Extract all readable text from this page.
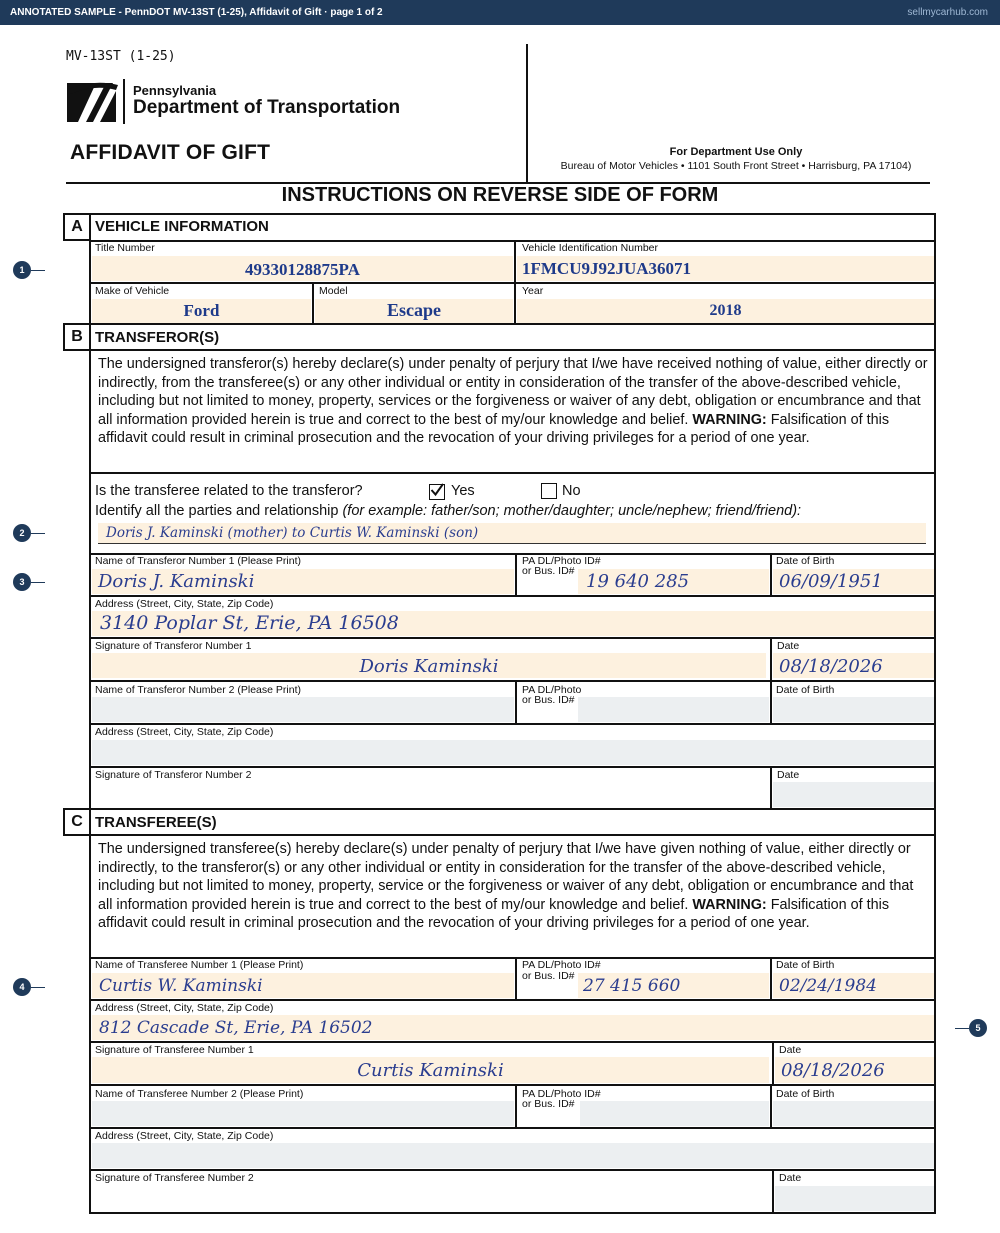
ANNOTATED SAMPLE - PennDOT MV-13ST (1-25), Affidavit of Gift · page 1 of 2	sellmycarhub.com
MV-13ST (1-25)
Pennsylvania
Department of Transportation
AFFIDAVIT OF GIFT	For Department Use Only
Bureau of Motor Vehicles • 1101 South Front Street • Harrisburg, PA 17104)
INSTRUCTIONS ON REVERSE SIDE OF FORM
1
2
3
4
5
A VEHICLE INFORMATION
Title Number
49330128875PA
Vehicle Identification Number
1FMCU9J92JUA36071
Make of Vehicle
Ford
Model
Escape
Year
2018
B TRANSFEROR(S)
The undersigned transferor(s) hereby declare(s) under penalty of perjury that I/we have received nothing of value, either directly or indirectly, from the transferee(s) or any other individual or entity in consideration of the transfer of the above-described vehicle, including but not limited to money, property, services or the forgiveness or waiver of any debt, obligation or encumbrance and that all information provided herein is true and correct to the best of my/our knowledge and belief. WARNING: Falsification of this affidavit could result in criminal prosecution and the revocation of your driving privileges for a period of one year.
Is the transferee related to the transferor?	Yes	No
Identify all the parties and relationship (for example: father/son; mother/daughter; uncle/nephew; friend/friend):
Doris J. Kaminski (mother) to Curtis W. Kaminski (son)
Name of Transferor Number 1 (Please Print)
Doris J. Kaminski
PA DL/Photo ID#
or Bus. ID# 19 640 285
Date of Birth
06/09/1951
Address (Street, City, State, Zip Code)
3140 Poplar St, Erie, PA 16508
Signature of Transferor Number 1
Doris Kaminski
Date
08/18/2026
Name of Transferor Number 2 (Please Print)	PA DL/Photo
or Bus. ID#
Date of Birth
Address (Street, City, State, Zip Code)
Signature of Transferor Number 2	Date
C TRANSFEREE(S)
The undersigned transferee(s) hereby declare(s) under penalty of perjury that I/we have given nothing of value, either directly or indirectly, to the transferor(s) or any other individual or entity in consideration for the transfer of the above-described vehicle, including but not limited to money, property, service or the forgiveness or waiver of any debt, obligation or encumbrance and that all information provided herein is true and correct to the best of my/our knowledge and belief. WARNING: Falsification of this affidavit could result in criminal prosecution and the revocation of your driving privileges for a period of one year.
Name of Transferee Number 1 (Please Print)
Curtis W. Kaminski
PA DL/Photo ID#
or Bus. ID# 27 415 660
Date of Birth
02/24/1984
Address (Street, City, State, Zip Code)
812 Cascade St, Erie, PA 16502
Signature of Transferee Number 1
Curtis Kaminski
Date
08/18/2026
Name of Transferee Number 2 (Please Print)	PA DL/Photo ID#
or Bus. ID#
Date of Birth
Address (Street, City, State, Zip Code)
Signature of Transferee Number 2	Date
